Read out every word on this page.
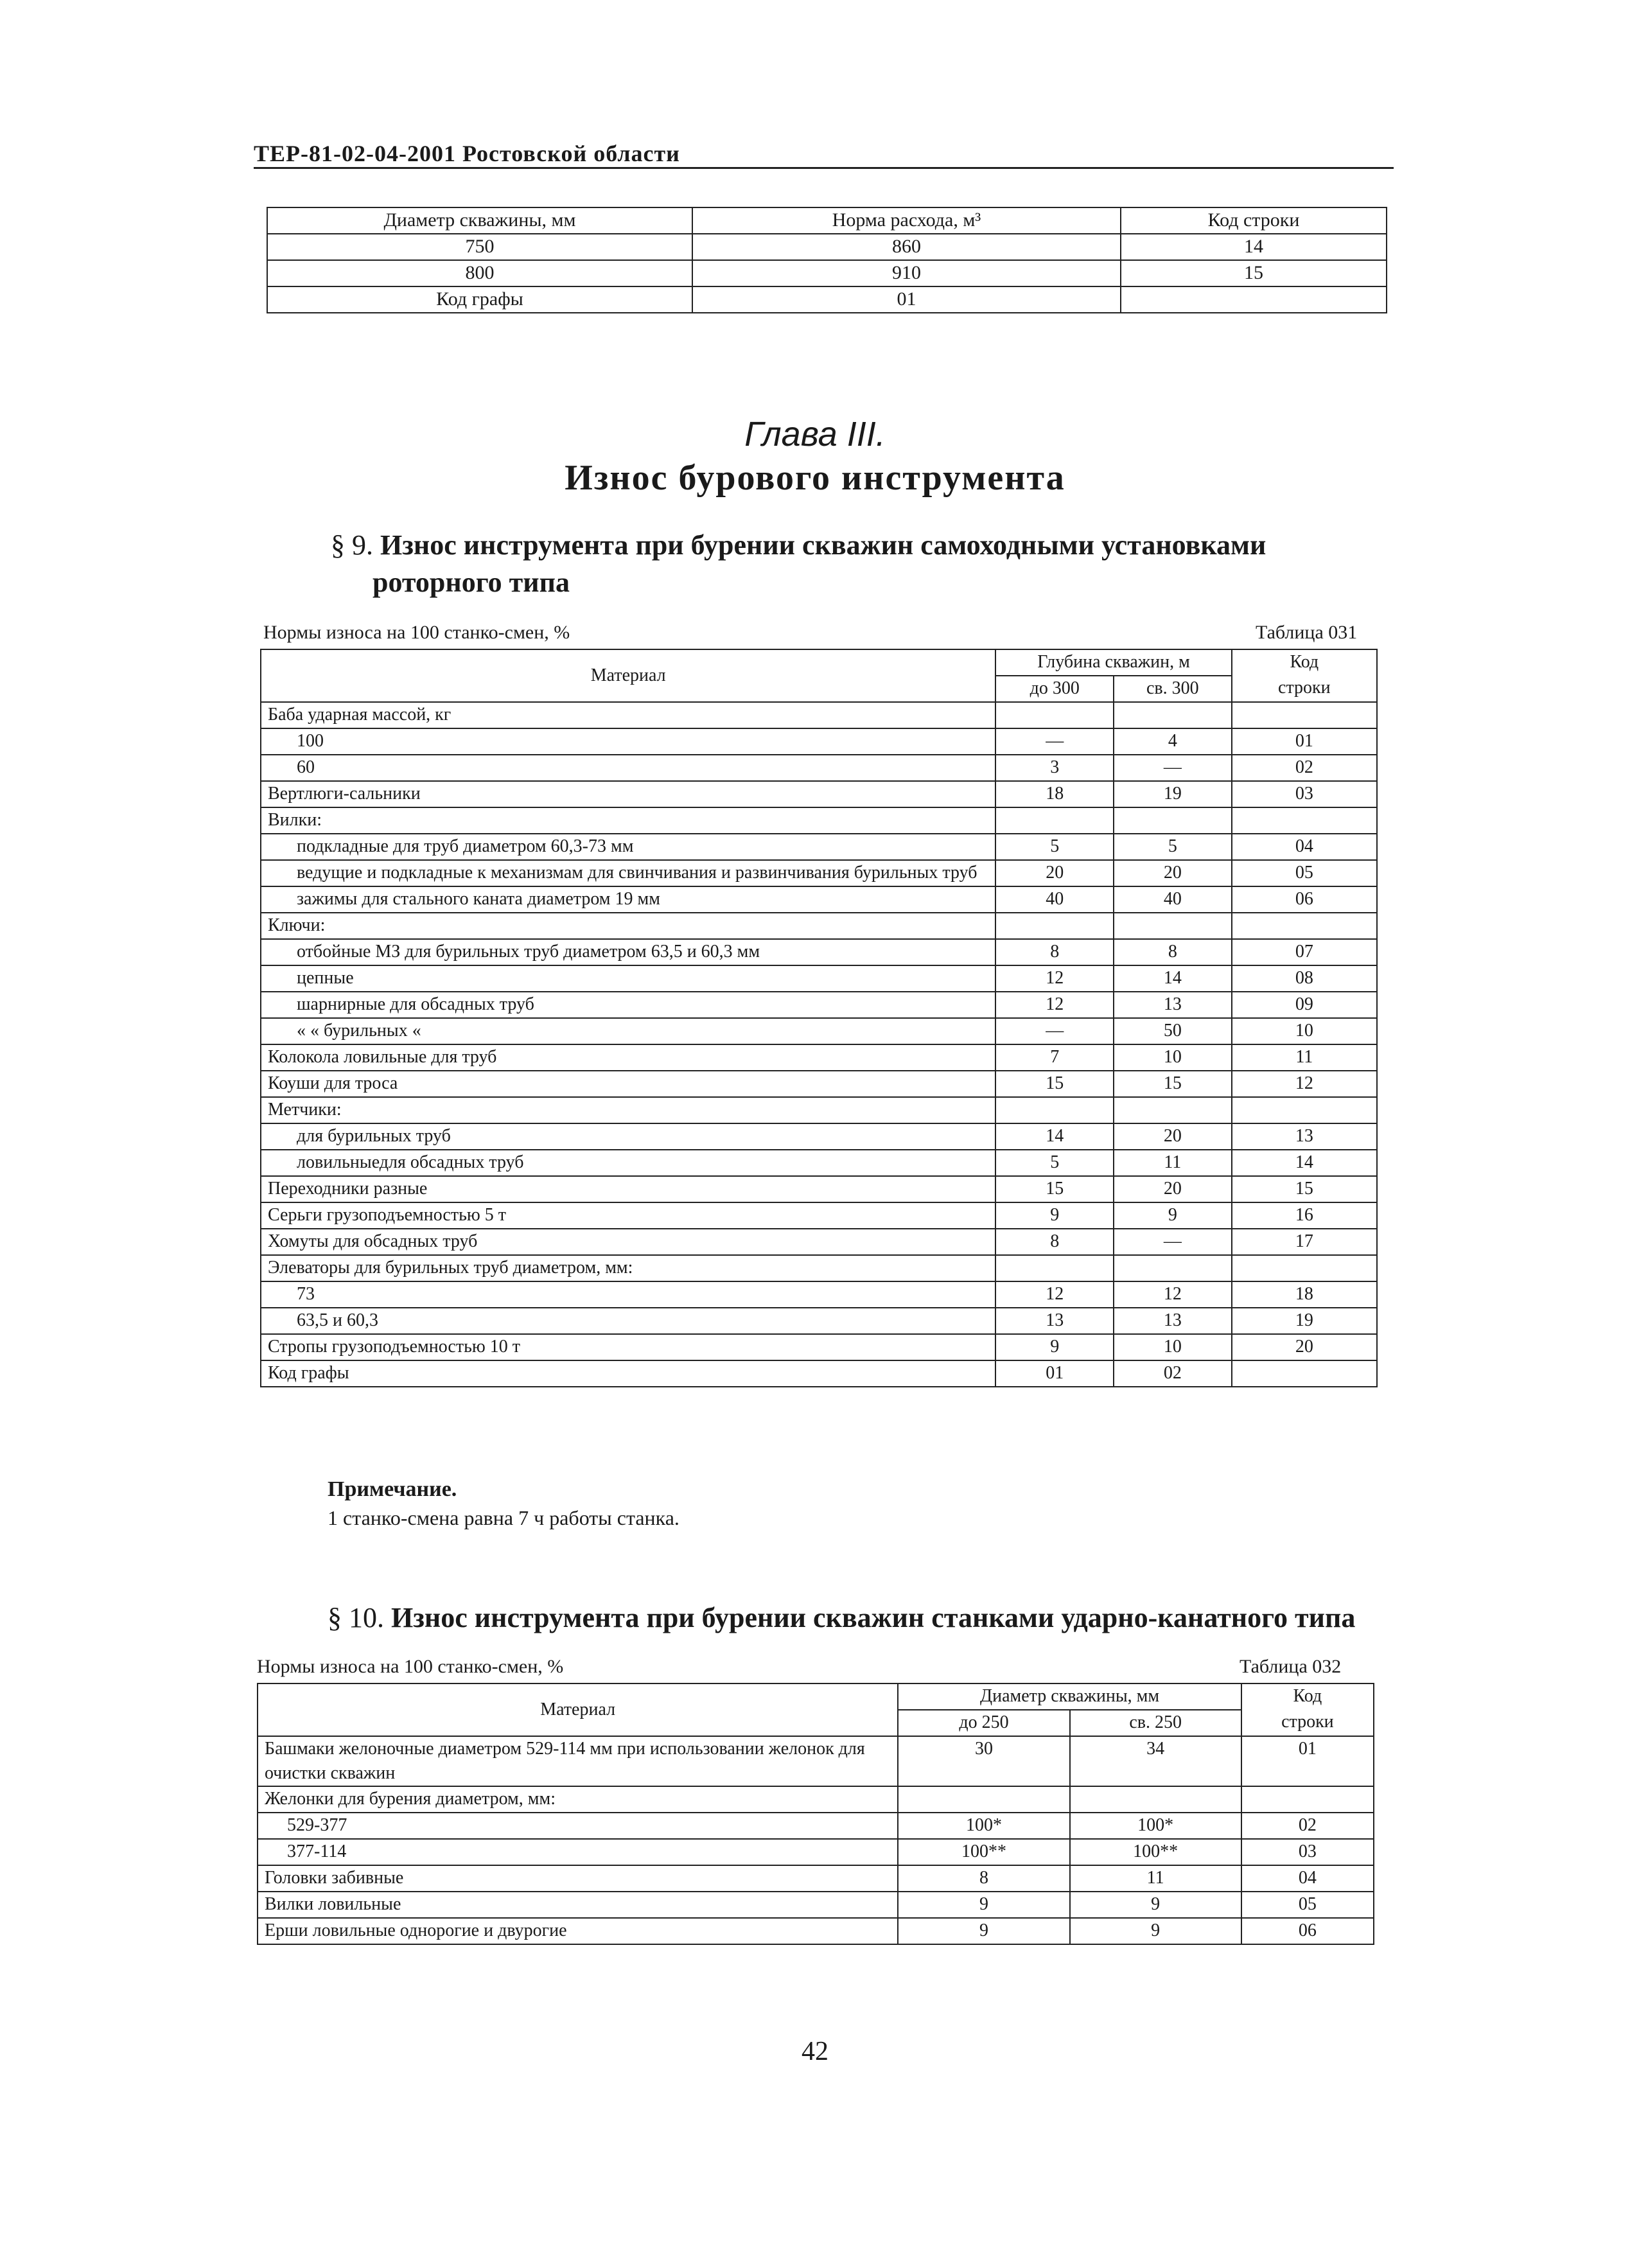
ТЕР-81-02-04-2001 Ростовской области
Диаметр скважины, мм	Норма расхода, м³	Код строки
750	860	14
800	910	15
Код графы	01	
Глава III.
Износ бурового инструмента
§ 9. Износ инструмента при бурении скважин самоходными установками
роторного типа
Нормы износа на 100 станко-смен, %	Таблица 031
Материал	Глубина скважин, м		Код
	до 300	св. 300	строки
Баба ударная массой, кг			
100	—	4	01
60	3	—	02
Вертлюги-сальники	18	19	03
Вилки:			
подкладные для труб диаметром 60,3-73 мм	5	5	04
ведущие и подкладные к механизмам для свинчивания и развинчивания бурильных труб	20	20	05
зажимы для стального каната диаметром 19 мм	40	40	06
Ключи:			
отбойные МЗ для бурильных труб диаметром 63,5 и 60,3 мм	8	8	07
цепные	12	14	08
шарнирные для обсадных труб	12	13	09
« « бурильных «	—	50	10
Колокола ловильные для труб	7	10	11
Коуши для троса	15	15	12
Метчики:			
для бурильных труб	14	20	13
ловильныедля обсадных труб	5	11	14
Переходники разные	15	20	15
Серьги грузоподъемностью 5 т	9	9	16
Хомуты для обсадных труб	8	—	17
Элеваторы для бурильных труб диаметром, мм:			
73	12	12	18
63,5 и 60,3	13	13	19
Стропы грузоподъемностью 10 т	9	10	20
Код графы	01	02	
Примечание.
1 станко-смена равна 7 ч работы станка.
§ 10. Износ инструмента при бурении скважин станками ударно-канатного типа
Нормы износа на 100 станко-смен, %	Таблица 032
Материал	Диаметр скважины, мм		Код
	до 250	св. 250	строки
Башмаки желоночные диаметром 529-114 мм при использовании желонок для очистки скважин	30	34	01
Желонки для бурения диаметром, мм:			
529-377	100*	100*	02
377-114	100**	100**	03
Головки забивные	8	11	04
Вилки ловильные	9	9	05
Ерши ловильные однорогие и двурогие	9	9	06
42
